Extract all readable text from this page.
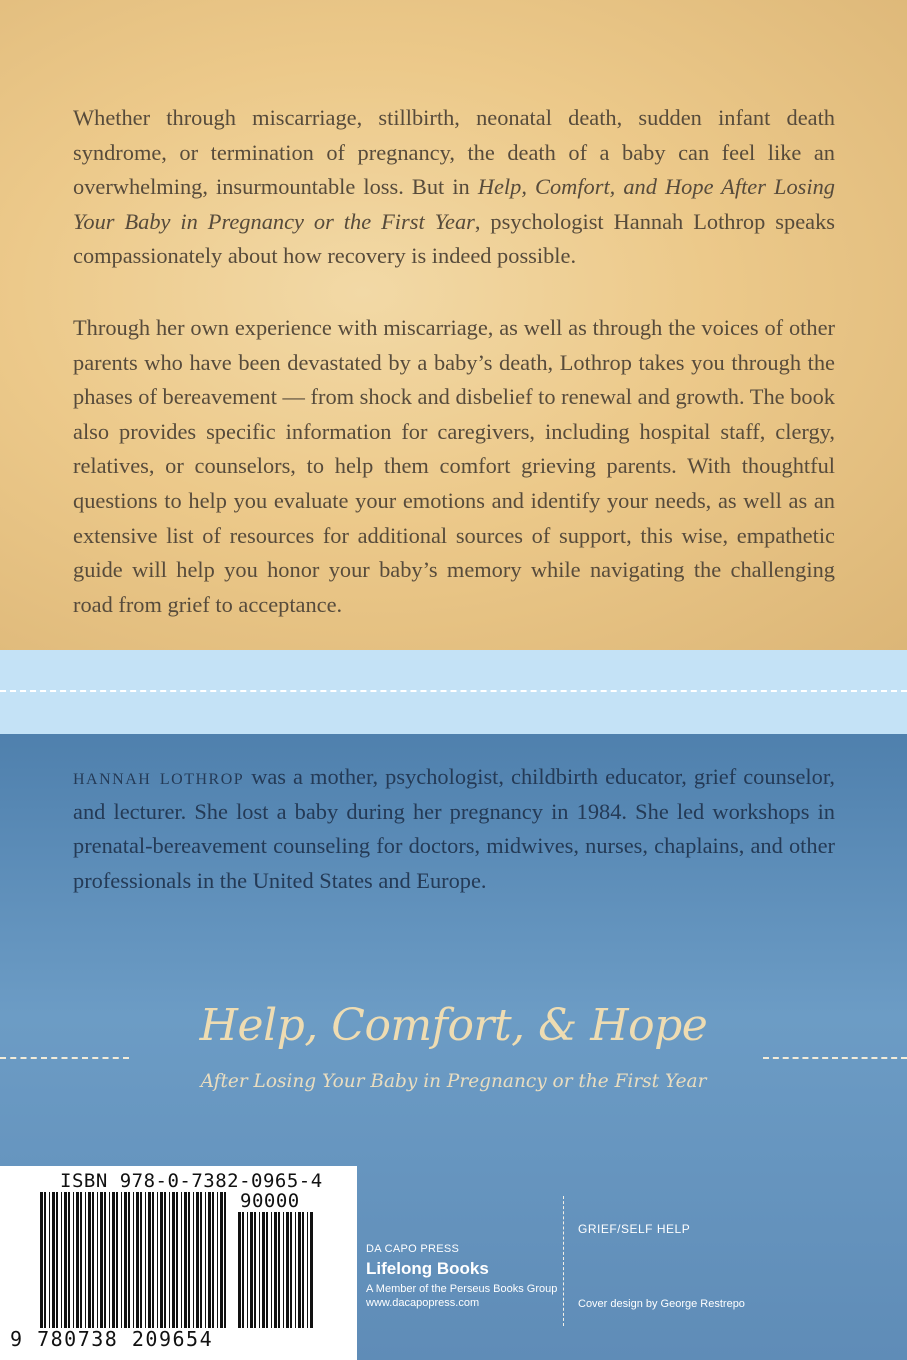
Whether through miscarriage, stillbirth, neonatal death, sudden infant death syndrome, or termination of pregnancy, the death of a baby can feel like an overwhelming, insurmountable loss. But in Help, Comfort, and Hope After Losing Your Baby in Pregnancy or the First Year, psychologist Hannah Lothrop speaks compassionately about how recovery is indeed possible.

Through her own experience with miscarriage, as well as through the voices of other parents who have been devastated by a baby’s death, Lothrop takes you through the phases of bereavement — from shock and disbelief to renewal and growth. The book also provides specific information for caregivers, including hospital staff, clergy, relatives, or counselors, to help them comfort grieving parents. With thoughtful questions to help you evaluate your emotions and identify your needs, as well as an extensive list of resources for additional sources of support, this wise, empathetic guide will help you honor your baby’s memory while navigating the challenging road from grief to acceptance.

hannah lothrop was a mother, psychologist, childbirth educator, grief counselor, and lecturer. She lost a baby during her pregnancy in 1984. She led workshops in prenatal-bereavement counseling for doctors, midwives, nurses, chaplains, and other professionals in the United States and Europe.

Help, Comfort, & Hope
After Losing Your Baby in Pregnancy or the First Year
ISBN 978-0-7382-0965-4
90000
9 780738 209654
DA CAPO PRESS
Lifelong Books
A Member of the Perseus Books Group
www.dacapopress.com
GRIEF/SELF HELP
Cover design by George Restrepo
